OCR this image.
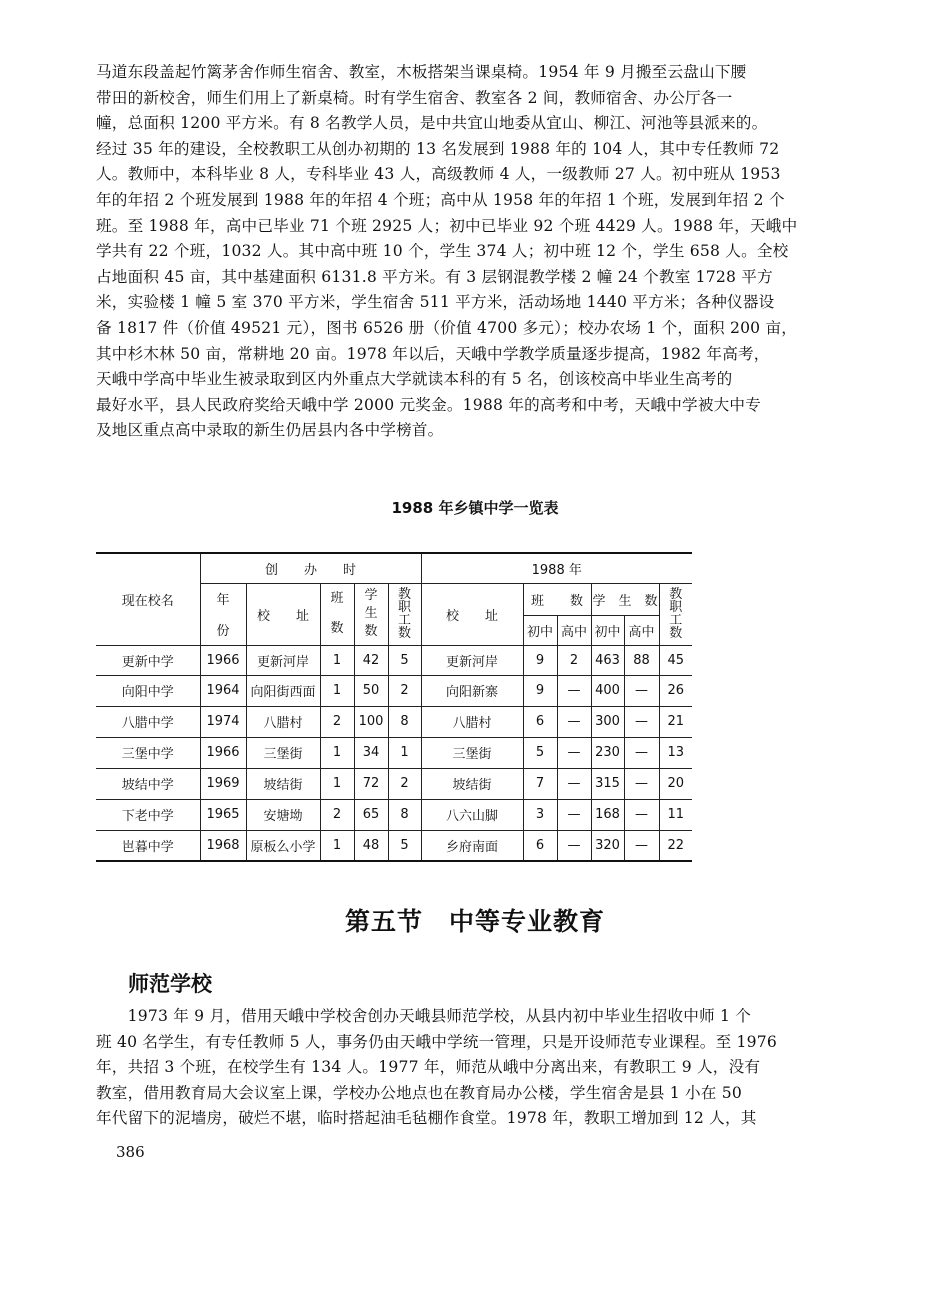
马道东段盖起竹篱茅舍作师生宿舍、教室，木板搭架当课桌椅。1954 年 9 月搬至云盘山下腰
带田的新校舍，师生们用上了新桌椅。时有学生宿舍、教室各 2 间，教师宿舍、办公厅各一
幢，总面积 1200 平方米。有 8 名教学人员，是中共宜山地委从宜山、柳江、河池等县派来的。
经过 35 年的建设，全校教职工从创办初期的 13 名发展到 1988 年的 104 人，其中专任教师 72
人。教师中，本科毕业 8 人，专科毕业 43 人，高级教师 4 人，一级教师 27 人。初中班从 1953
年的年招 2 个班发展到 1988 年的年招 4 个班；高中从 1958 年的年招 1 个班，发展到年招 2 个
班。至 1988 年，高中已毕业 71 个班 2925 人；初中已毕业 92 个班 4429 人。1988 年，天峨中
学共有 22 个班，1032 人。其中高中班 10 个，学生 374 人；初中班 12 个，学生 658 人。全校
占地面积 45 亩，其中基建面积 6131.8 平方米。有 3 层钢混教学楼 2 幢 24 个教室 1728 平方
米，实验楼 1 幢 5 室 370 平方米，学生宿舍 511 平方米，活动场地 1440 平方米；各种仪器设
备 1817 件（价值 49521 元），图书 6526 册（价值 4700 多元）；校办农场 1 个，面积 200 亩，
其中杉木林 50 亩，常耕地 20 亩。1978 年以后，天峨中学教学质量逐步提高，1982 年高考，
天峨中学高中毕业生被录取到区内外重点大学就读本科的有 5 名，创该校高中毕业生高考的
最好水平，县人民政府奖给天峨中学 2000 元奖金。1988 年的高考和中考，天峨中学被大中专
及地区重点高中录取的新生仍居县内各中学榜首。
1988 年乡镇中学一览表
现在校名	创　　办　　时					1988 年					

	年
份	校　　址	班数	学生数	教职工数	校　　址	班　　数		学　生　数		教职工数
							初中	高中	初中	高中	
更新中学	1966	更新河岸	1	42	5	更新河岸	9	2	463	88	45
向阳中学	1964	向阳街西面	1	50	2	向阳新寨	9	—	400	—	26
八腊中学	1974	八腊村	2	100	8	八腊村	6	—	300	—	21
三堡中学	1966	三堡街	1	34	1	三堡街	5	—	230	—	13
坡结中学	1969	坡结街	1	72	2	坡结街	7	—	315	—	20
下老中学	1965	安塘坳	2	65	8	八六山脚	3	—	168	—	11
岜暮中学	1968	原板么小学	1	48	5	乡府南面	6	—	320	—	22
第五节　中等专业教育
师范学校
　　1973 年 9 月，借用天峨中学校舍创办天峨县师范学校，从县内初中毕业生招收中师 1 个
班 40 名学生，有专任教师 5 人，事务仍由天峨中学统一管理，只是开设师范专业课程。至 1976
年，共招 3 个班，在校学生有 134 人。1977 年，师范从峨中分离出来，有教职工 9 人，没有
教室，借用教育局大会议室上课，学校办公地点也在教育局办公楼，学生宿舍是县 1 小在 50
年代留下的泥墙房，破烂不堪，临时搭起油毛毡棚作食堂。1978 年，教职工增加到 12 人，其
386
